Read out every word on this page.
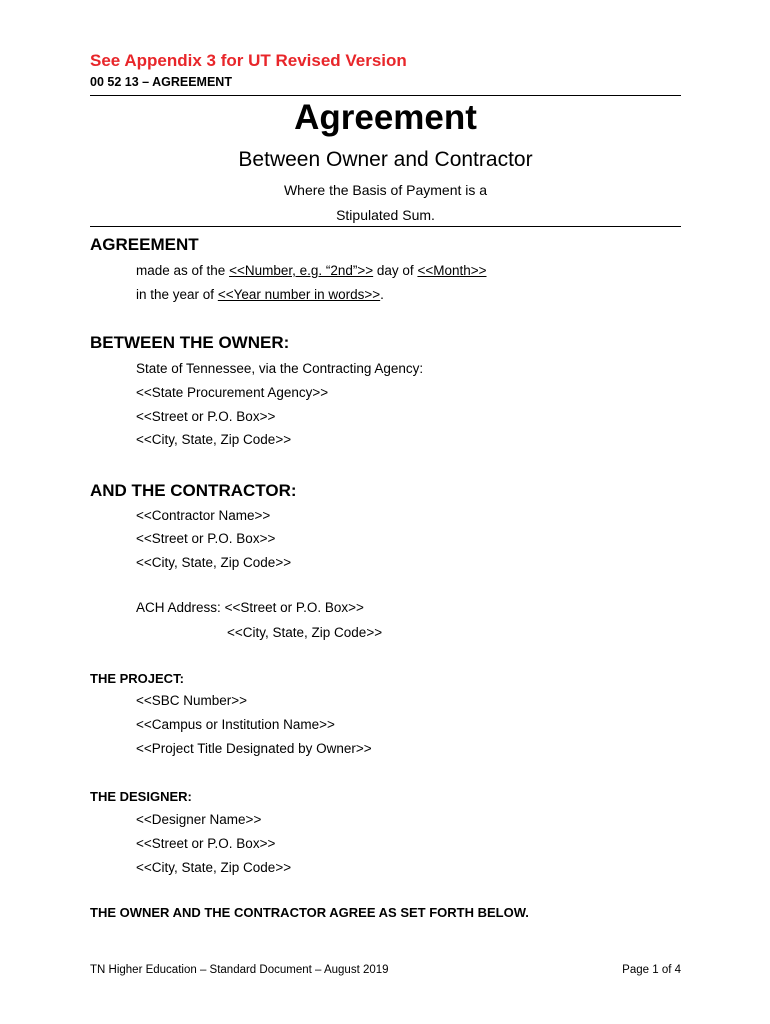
See Appendix 3 for UT Revised Version
00 52 13 – AGREEMENT
Agreement
Between Owner and Contractor
Where the Basis of Payment is a
Stipulated Sum.
AGREEMENT
made as of the <<Number, e.g. “2nd”>> day of <<Month>>
in the year of <<Year number in words>>.
BETWEEN THE OWNER:
State of Tennessee, via the Contracting Agency:
<<State Procurement Agency>>
<<Street or P.O. Box>>
<<City, State, Zip Code>>
AND THE CONTRACTOR:
<<Contractor Name>>
<<Street or P.O. Box>>
<<City, State, Zip Code>>
ACH Address: <<Street or P.O. Box>>
<<City, State, Zip Code>>
THE PROJECT:
<<SBC Number>>
<<Campus or Institution Name>>
<<Project Title Designated by Owner>>
THE DESIGNER:
<<Designer Name>>
<<Street or P.O. Box>>
<<City, State, Zip Code>>
THE OWNER AND THE CONTRACTOR AGREE AS SET FORTH BELOW.
TN Higher Education – Standard Document – August 2019	Page 1 of 4
